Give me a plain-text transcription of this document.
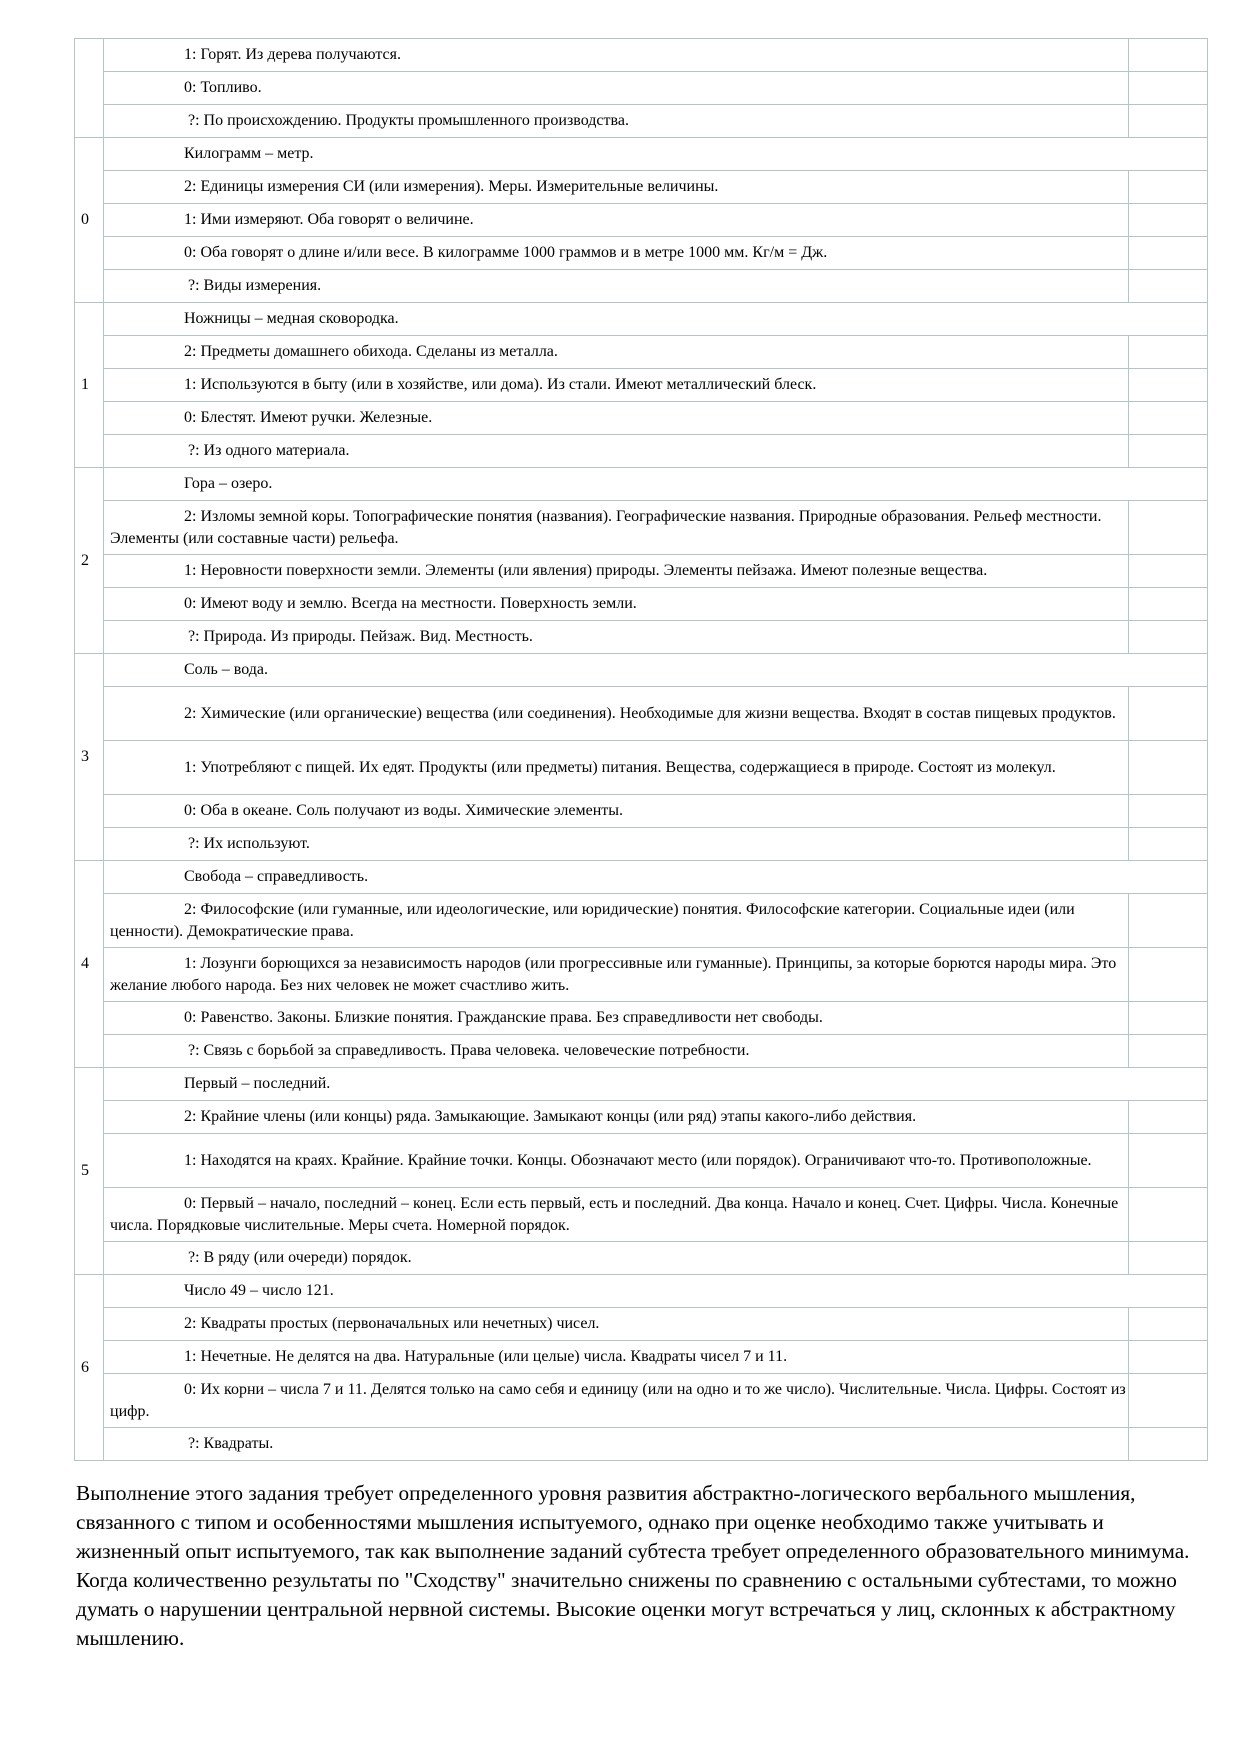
	1: Горят. Из дерева получаются.	

	0: Топливо.	

	?: По происхождению. Продукты промышленного производства.	

0	Килограмм – метр.	

	2: Единицы измерения СИ (или измерения). Меры. Измерительные величины.	

	1: Ими измеряют. Оба говорят о величине.	

	0: Оба говорят о длине и/или весе. В килограмме 1000 граммов и в метре 1000 мм. Кг/м = Дж.	

	?: Виды измерения.	

1	Ножницы – медная сковородка.	

	2: Предметы домашнего обихода. Сделаны из металла.	

	1: Используются в быту (или в хозяйстве, или дома). Из стали. Имеют металлический блеск.	

	0: Блестят. Имеют ручки. Железные.	

	?: Из одного материала.	

2	Гора – озеро.	

	2: Изломы земной коры. Топографические понятия (названия). Географические названия. Природные образования. Рельеф местности. Элементы (или составные части) рельефа.	

	1: Неровности поверхности земли. Элементы (или явления) природы. Элементы пейзажа. Имеют полезные вещества.	

	0: Имеют воду и землю. Всегда на местности. Поверхность земли.	

	?: Природа. Из природы. Пейзаж. Вид. Местность.	

3	Соль – вода.	

	2: Химические (или органические) вещества (или соединения). Необходимые для жизни вещества. Входят в состав пищевых продуктов.	

	1: Употребляют с пищей. Их едят. Продукты (или предметы) питания. Вещества, содержащиеся в природе. Состоят из молекул.	

	0: Оба в океане. Соль получают из воды. Химические элементы.	

	?: Их используют.	

4	Свобода – справедливость.	

	2: Философские (или гуманные, или идеологические, или юридические) понятия. Философские категории. Социальные идеи (или ценности). Демократические права.	

	1: Лозунги борющихся за независимость народов (или прогрессивные или гуманные). Принципы, за которые борются народы мира. Это желание любого народа. Без них человек не может счастливо жить.	

	0: Равенство. Законы. Близкие понятия. Гражданские права. Без справедливости нет свободы.	

	?: Связь с борьбой за справедливость. Права человека. человеческие потребности.	

5	Первый – последний.	

	2: Крайние члены (или концы) ряда. Замыкающие. Замыкают концы (или ряд) этапы какого-либо действия.	

	1: Находятся на краях. Крайние. Крайние точки. Концы. Обозначают место (или порядок). Ограничивают что-то. Противоположные.	

	0: Первый – начало, последний – конец. Если есть первый, есть и последний. Два конца. Начало и конец. Счет. Цифры. Числа. Конечные числа. Порядковые числительные. Меры счета. Номерной порядок.	

	?: В ряду (или очереди) порядок.	

6	Число 49 – число 121.	

	2: Квадраты простых (первоначальных или нечетных) чисел.	

	1: Нечетные. Не делятся на два. Натуральные (или целые) числа. Квадраты чисел 7 и 11.	

	0: Их корни – числа 7 и 11. Делятся только на само себя и единицу (или на одно и то же число). Числительные. Числа. Цифры. Состоят из цифр.	

	?: Квадраты.	

Выполнение этого задания требует определенного уровня развития абстрактно-логического вербального мышления, связанного с типом и особенностями мышления испытуемого, однако при оценке необходимо также учитывать и жизненный опыт испытуемого, так как выполнение заданий субтеста требует определенного образовательного минимума. Когда количественно результаты по "Сходству" значительно снижены по сравнению с остальными субтестами, то можно думать о нарушении центральной нервной системы. Высокие оценки могут встречаться у лиц, склонных к абстрактному мышлению.
